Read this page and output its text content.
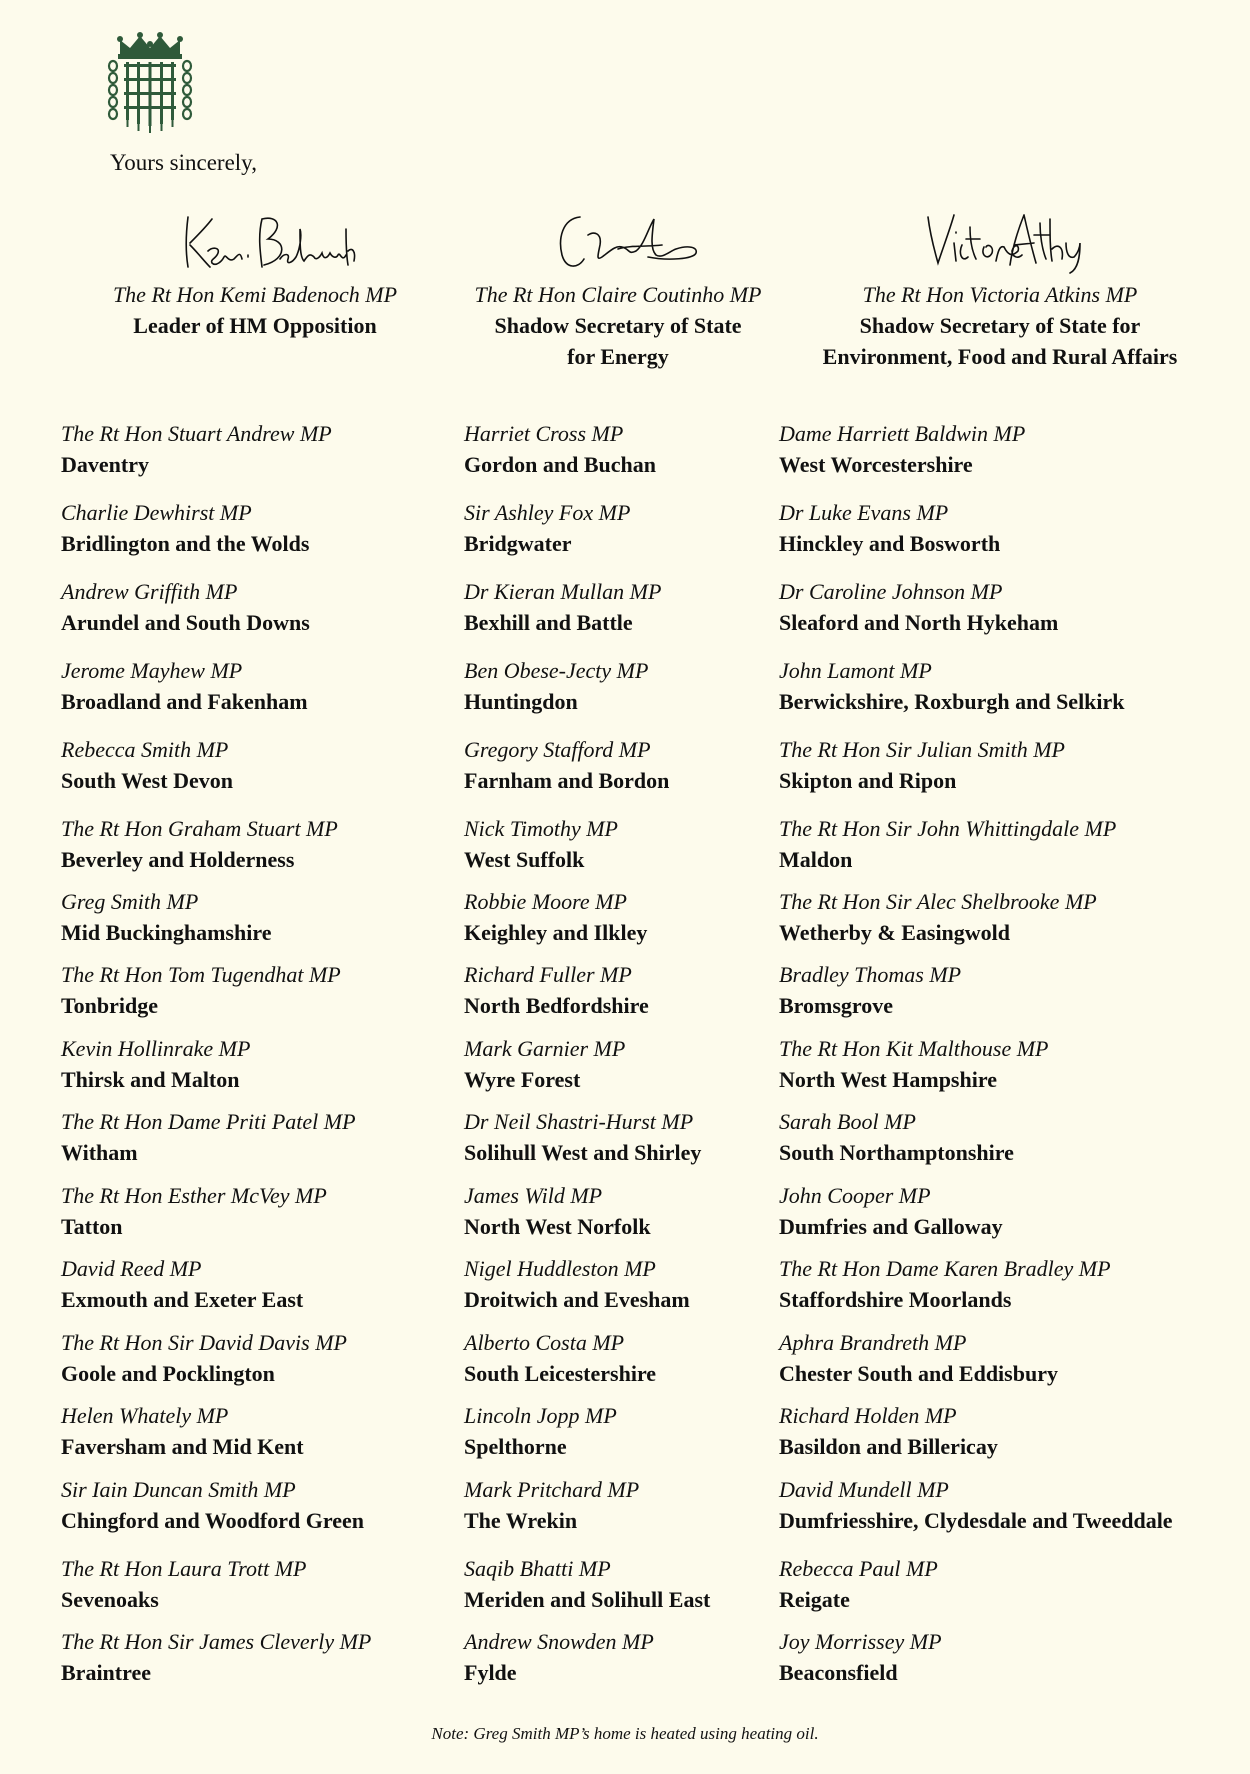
Yours sincerely,
The Rt Hon Kemi Badenoch MP
Leader of HM Opposition
The Rt Hon Claire Coutinho MP
Shadow Secretary of State
for Energy
The Rt Hon Victoria Atkins MP
Shadow Secretary of State for
Environment, Food and Rural Affairs
The Rt Hon Stuart Andrew MP
Daventry
Charlie Dewhirst MP
Bridlington and the Wolds
Andrew Griffith MP
Arundel and South Downs
Jerome Mayhew MP
Broadland and Fakenham
Rebecca Smith MP
South West Devon
The Rt Hon Graham Stuart MP
Beverley and Holderness
Greg Smith MP
Mid Buckinghamshire
The Rt Hon Tom Tugendhat MP
Tonbridge
Kevin Hollinrake MP
Thirsk and Malton
The Rt Hon Dame Priti Patel MP
Witham
The Rt Hon Esther McVey MP
Tatton
David Reed MP
Exmouth and Exeter East
The Rt Hon Sir David Davis MP
Goole and Pocklington
Helen Whately MP
Faversham and Mid Kent
Sir Iain Duncan Smith MP
Chingford and Woodford Green
The Rt Hon Laura Trott MP
Sevenoaks
The Rt Hon Sir James Cleverly MP
Braintree
Harriet Cross MP
Gordon and Buchan
Sir Ashley Fox MP
Bridgwater
Dr Kieran Mullan MP
Bexhill and Battle
Ben Obese-Jecty MP
Huntingdon
Gregory Stafford MP
Farnham and Bordon
Nick Timothy MP
West Suffolk
Robbie Moore MP
Keighley and Ilkley
Richard Fuller MP
North Bedfordshire
Mark Garnier MP
Wyre Forest
Dr Neil Shastri-Hurst MP
Solihull West and Shirley
James Wild MP
North West Norfolk
Nigel Huddleston MP
Droitwich and Evesham
Alberto Costa MP
South Leicestershire
Lincoln Jopp MP
Spelthorne
Mark Pritchard MP
The Wrekin
Saqib Bhatti MP
Meriden and Solihull East
Andrew Snowden MP
Fylde
Dame Harriett Baldwin MP
West Worcestershire
Dr Luke Evans MP
Hinckley and Bosworth
Dr Caroline Johnson MP
Sleaford and North Hykeham
John Lamont MP
Berwickshire, Roxburgh and Selkirk
The Rt Hon Sir Julian Smith MP
Skipton and Ripon
The Rt Hon Sir John Whittingdale MP
Maldon
The Rt Hon Sir Alec Shelbrooke MP
Wetherby & Easingwold
Bradley Thomas MP
Bromsgrove
The Rt Hon Kit Malthouse MP
North West Hampshire
Sarah Bool MP
South Northamptonshire
John Cooper MP
Dumfries and Galloway
The Rt Hon Dame Karen Bradley MP
Staffordshire Moorlands
Aphra Brandreth MP
Chester South and Eddisbury
Richard Holden MP
Basildon and Billericay
David Mundell MP
Dumfriesshire, Clydesdale and Tweeddale
Rebecca Paul MP
Reigate
Joy Morrissey MP
Beaconsfield
Note: Greg Smith MP’s home is heated using heating oil.
